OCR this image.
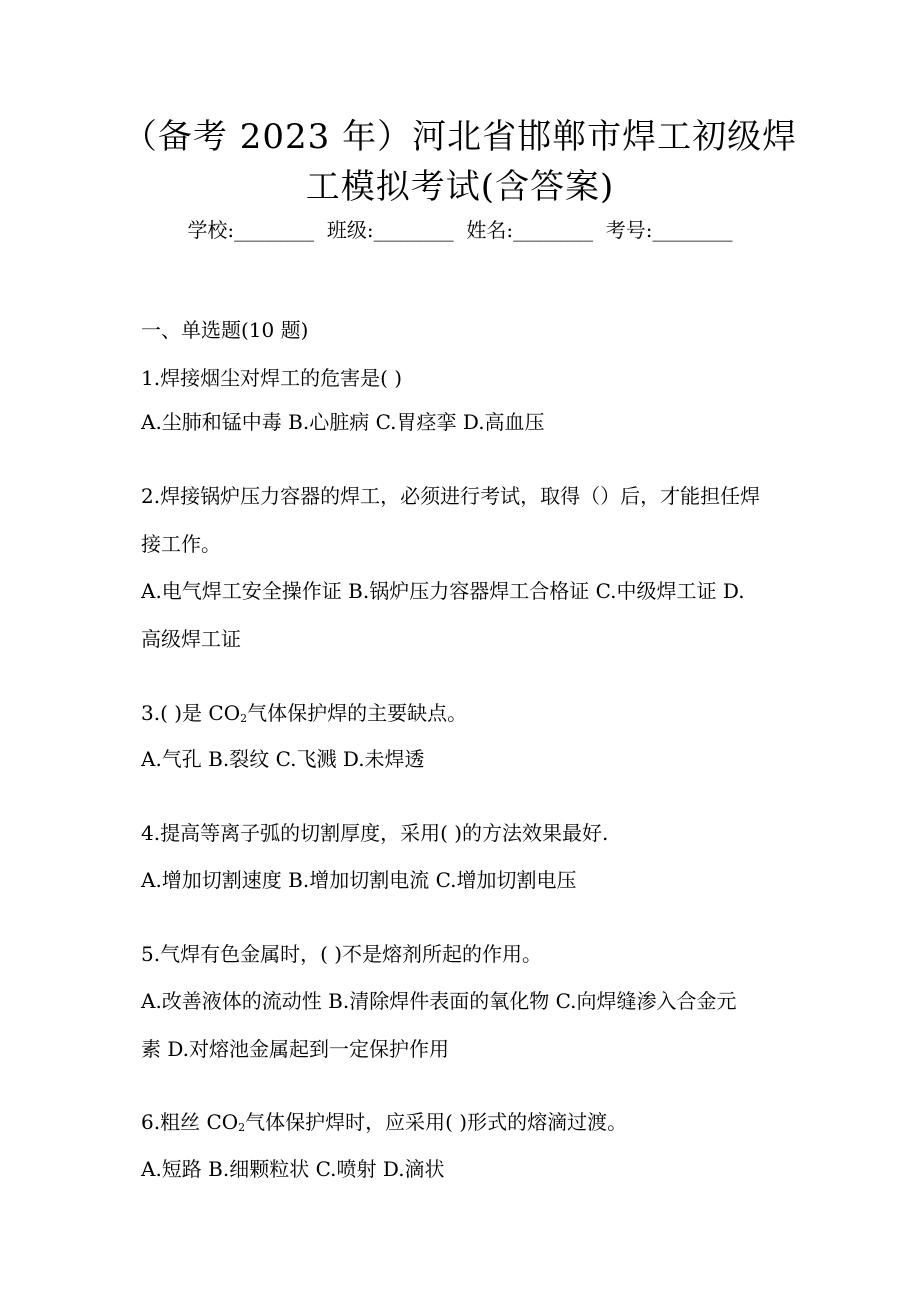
（备考 2023 年）河北省邯郸市焊工初级焊
工模拟考试(含答案)
学校:________  班级:________  姓名:________  考号:________
一、单选题(10 题)
1.焊接烟尘对焊工的危害是( )
A.尘肺和锰中毒 B.心脏病 C.胃痉挛 D.高血压
2.焊接锅炉压力容器的焊工，必须进行考试，取得（）后，才能担任焊
接工作。
A.电气焊工安全操作证 B.锅炉压力容器焊工合格证 C.中级焊工证 D.
高级焊工证
3.( )是 $CO_2$气体保护焊的主要缺点。
A.气孔 B.裂纹 C.飞溅 D.未焊透
4.提高等离子弧的切割厚度，采用( )的方法效果最好.
A.增加切割速度 B.增加切割电流 C.增加切割电压
5.气焊有色金属时，( )不是熔剂所起的作用。
A.改善液体的流动性 B.清除焊件表面的氧化物 C.向焊缝渗入合金元
素 D.对熔池金属起到一定保护作用
6.粗丝 $CO_2$气体保护焊时，应采用( )形式的熔滴过渡。
A.短路 B.细颗粒状 C.喷射 D.滴状
